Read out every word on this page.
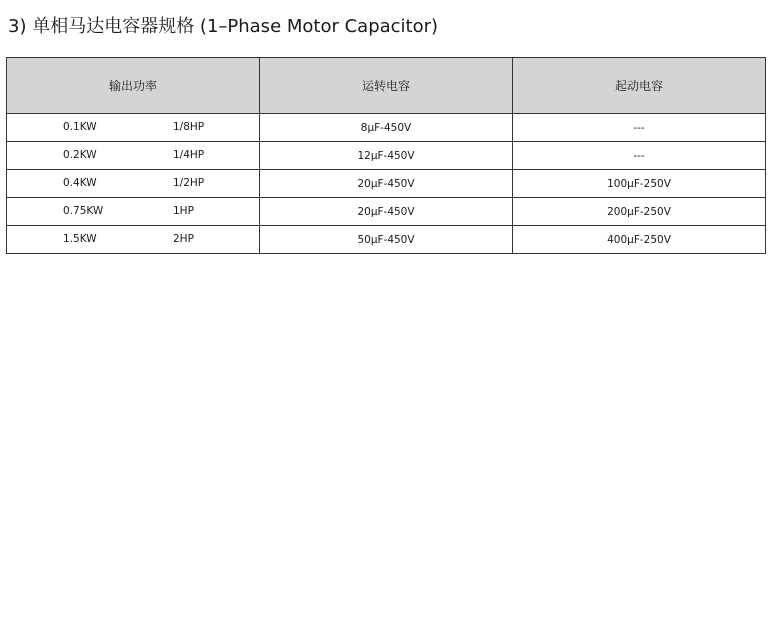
3) 单相马达电容器规格 (1–Phase Motor Capacitor)
输出功率	运转电容	起动电容

0.1KW 1/8HP	8µF-450V	---

0.2KW 1/4HP	12µF-450V	---

0.4KW 1/2HP	20µF-450V	100µF-250V

0.75KW 1HP	20µF-450V	200µF-250V

1.5KW 2HP	50µF-450V	400µF-250V
